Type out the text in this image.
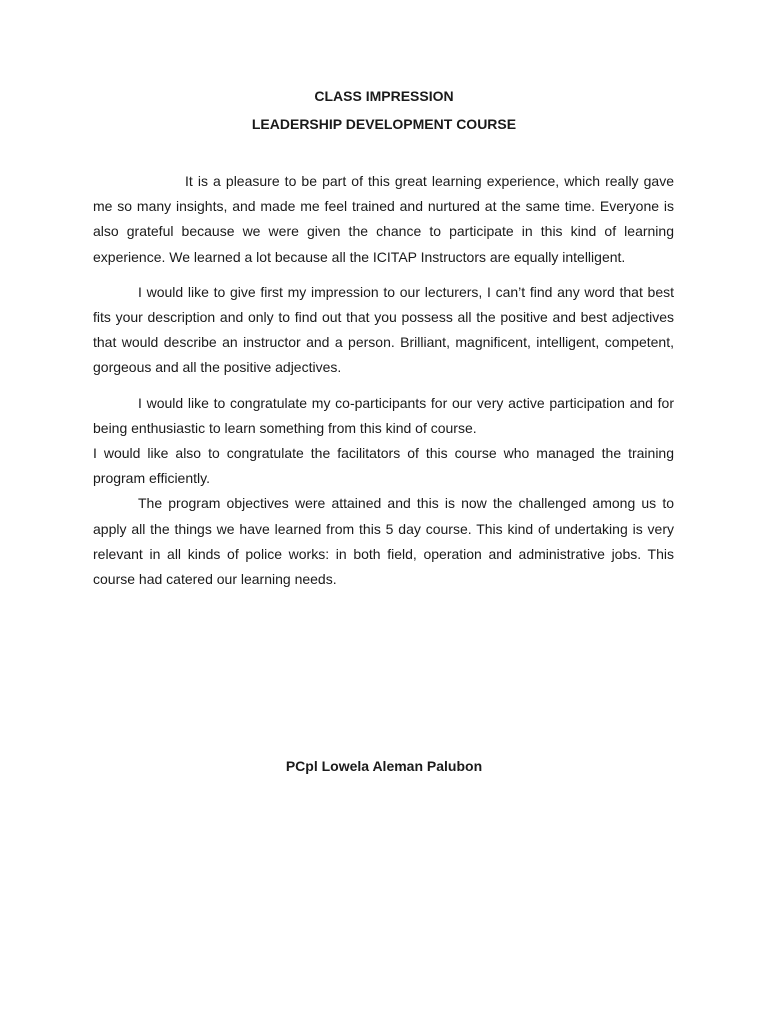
CLASS IMPRESSION
LEADERSHIP DEVELOPMENT COURSE

It is a pleasure to be part of this great learning experience, which really gave me so many insights, and made me feel trained and nurtured at the same time. Everyone is also grateful because we were given the chance to participate in this kind of learning experience. We learned a lot because all the ICITAP Instructors are equally intelligent.

I would like to give first my impression to our lecturers, I can’t find any word that best fits your description and only to find out that you possess all the positive and best adjectives that would describe an instructor and a person. Brilliant, magnificent, intelligent, competent, gorgeous and all the positive adjectives.

I would like to congratulate my co-participants for our very active participation and for being enthusiastic to learn something from this kind of course.

I would like also to congratulate the facilitators of this course who managed the training program efficiently.

The program objectives were attained and this is now the challenged among us to apply all the things we have learned from this 5 day course. This kind of undertaking is very relevant in all kinds of police works: in both field, operation and administrative jobs. This course had catered our learning needs.

PCpl Lowela Aleman Palubon
